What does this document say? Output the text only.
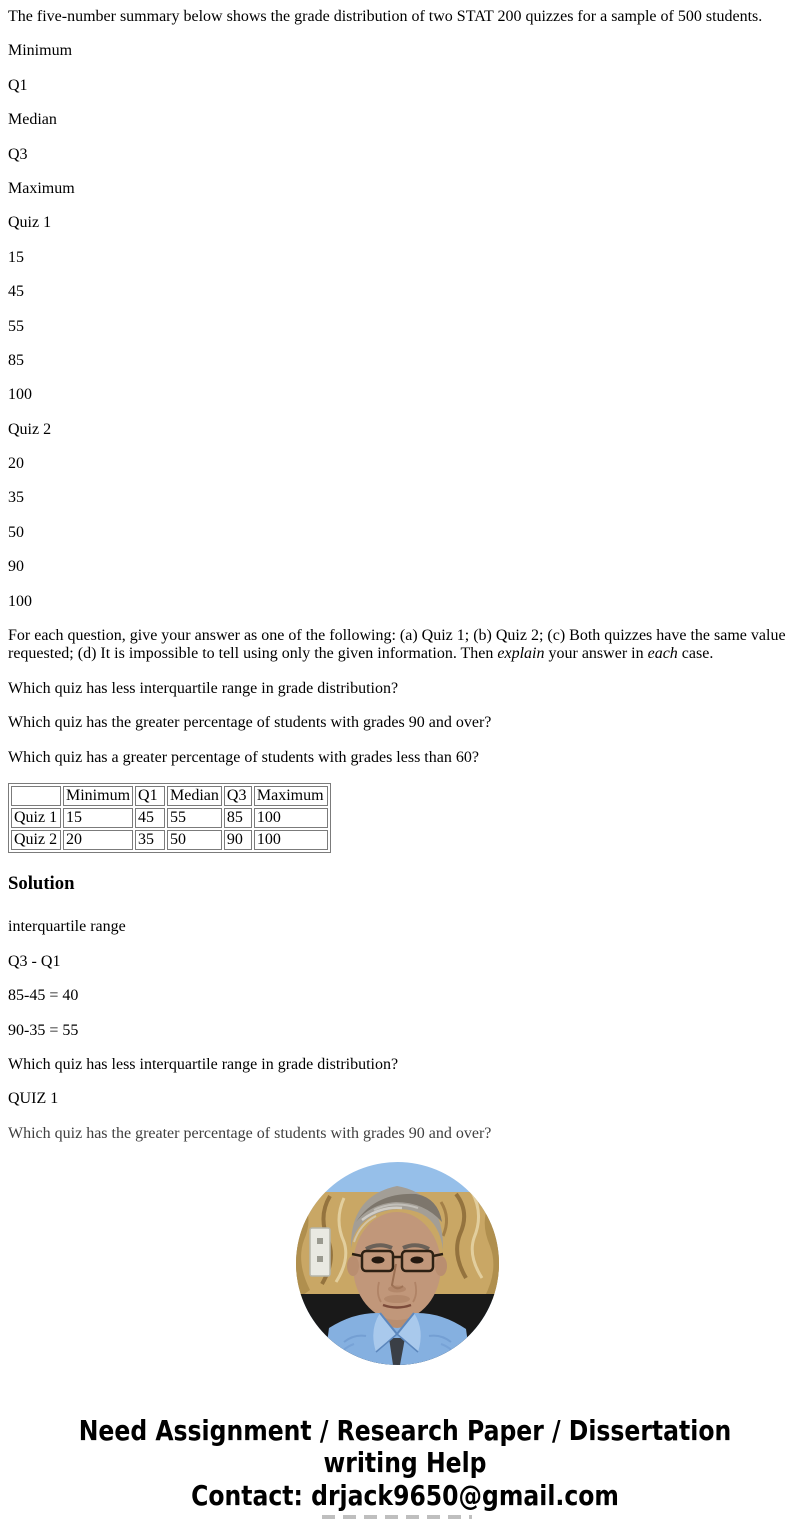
The five-number summary below shows the grade distribution of two STAT 200 quizzes for a sample of 500 students.

Minimum

Q1

Median

Q3

Maximum

Quiz 1

15

45

55

85

100

Quiz 2

20

35

50

90

100

For each question, give your answer as one of the following: (a) Quiz 1; (b) Quiz 2; (c) Both quizzes have the same value requested; (d) It is impossible to tell using only the given information. Then explain your answer in each case.

Which quiz has less interquartile range in grade distribution?

Which quiz has the greater percentage of students with grades 90 and over?

Which quiz has a greater percentage of students with grades less than 60?

	Minimum	Q1	Median	Q3	Maximum
Quiz 1	15	45	55	85	100
Quiz 2	20	35	50	90	100
Solution

interquartile range

Q3 - Q1

85-45 = 40

90-35 = 55

Which quiz has less interquartile range in grade distribution?

QUIZ 1

Which quiz has the greater percentage of students with grades 90 and over?

Need Assignment / Research Paper / Dissertation writing Help

Contact: drjack9650@gmail.com
